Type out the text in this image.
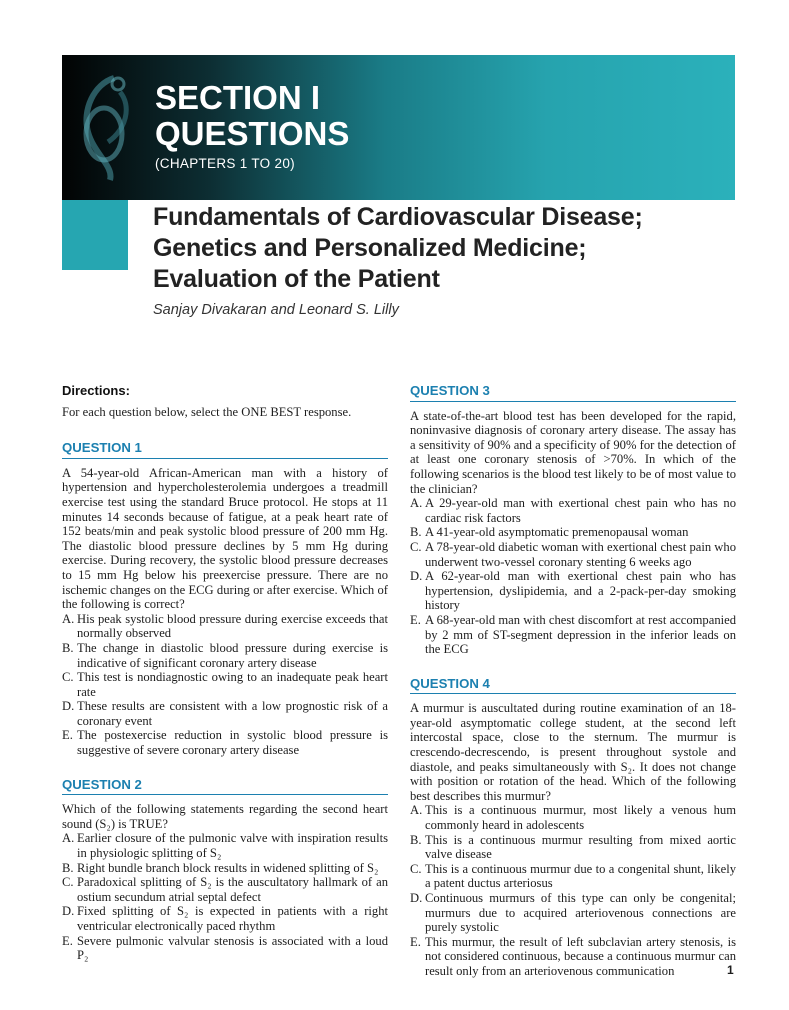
SECTION I
QUESTIONS
(CHAPTERS 1 TO 20)
Fundamentals of Cardiovascular Disease;
Genetics and Personalized Medicine;
Evaluation of the Patient
Sanjay Divakaran and Leonard S. Lilly

Directions:

For each question below, select the ONE BEST response.

QUESTION 1

A 54-year-old African-American man with a history of hypertension and hypercholesterolemia undergoes a treadmill exercise test using the standard Bruce protocol. He stops at 11 minutes 14 seconds because of fatigue, at a peak heart rate of 152 beats/min and peak systolic blood pressure of 200 mm Hg. The diastolic blood pressure declines by 5 mm Hg during exercise. During recovery, the systolic blood pressure decreases to 15 mm Hg below his preexercise pressure. There are no ischemic changes on the ECG during or after exercise. Which of the following is correct?

A. His peak systolic blood pressure during exercise exceeds that normally observed
B. The change in diastolic blood pressure during exercise is indicative of significant coronary artery disease
C. This test is nondiagnostic owing to an inadequate peak heart rate
D. These results are consistent with a low prognostic risk of a coronary event
E. The postexercise reduction in systolic blood pressure is suggestive of severe coronary artery disease
QUESTION 2

Which of the following statements regarding the second heart sound (S₂) is TRUE?

A. Earlier closure of the pulmonic valve with inspiration results in physiologic splitting of S₂
B. Right bundle branch block results in widened splitting of S₂
C. Paradoxical splitting of S₂ is the auscultatory hallmark of an ostium secundum atrial septal defect
D. Fixed splitting of S₂ is expected in patients with a right ventricular electronically paced rhythm
E. Severe pulmonic valvular stenosis is associated with a loud P₂
QUESTION 3

A state-of-the-art blood test has been developed for the rapid, noninvasive diagnosis of coronary artery disease. The assay has a sensitivity of 90% and a specificity of 90% for the detection of at least one coronary stenosis of >70%. In which of the following scenarios is the blood test likely to be of most value to the clinician?

A. A 29-year-old man with exertional chest pain who has no cardiac risk factors
B. A 41-year-old asymptomatic premenopausal woman
C. A 78-year-old diabetic woman with exertional chest pain who underwent two-vessel coronary stenting 6 weeks ago
D. A 62-year-old man with exertional chest pain who has hypertension, dyslipidemia, and a 2-pack-per-day smoking history
E. A 68-year-old man with chest discomfort at rest accompanied by 2 mm of ST-segment depression in the inferior leads on the ECG
QUESTION 4

A murmur is auscultated during routine examination of an 18-year-old asymptomatic college student, at the second left intercostal space, close to the sternum. The murmur is crescendo-decrescendo, is present throughout systole and diastole, and peaks simultaneously with S₂. It does not change with position or rotation of the head. Which of the following best describes this murmur?

A. This is a continuous murmur, most likely a venous hum commonly heard in adolescents
B. This is a continuous murmur resulting from mixed aortic valve disease
C. This is a continuous murmur due to a congenital shunt, likely a patent ductus arteriosus
D. Continuous murmurs of this type can only be congenital; murmurs due to acquired arteriovenous connections are purely systolic
E. This murmur, the result of left subclavian artery stenosis, is not considered continuous, because a continuous murmur can result only from an arteriovenous communication	1
